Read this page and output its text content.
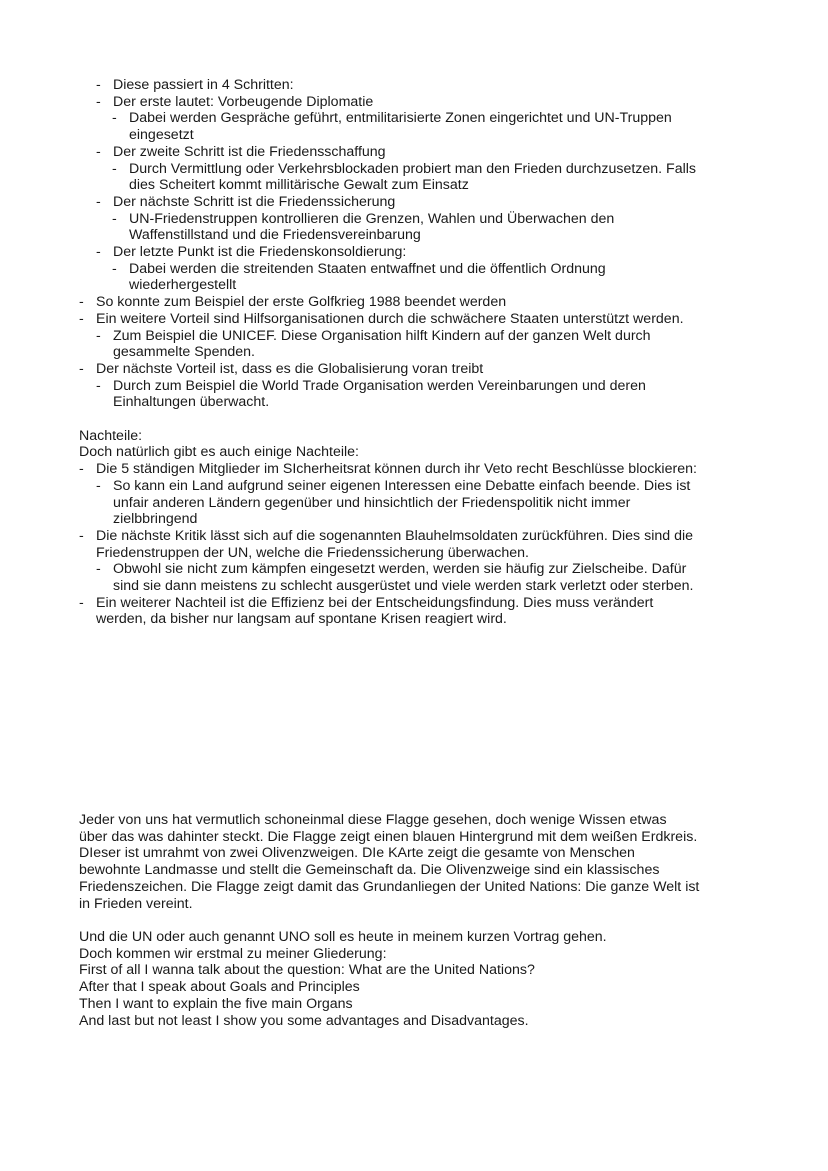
- Diese passiert in 4 Schritten:
- Der erste lautet: Vorbeugende Diplomatie
- Dabei werden Gespräche geführt, entmilitarisierte Zonen eingerichtet und UN-Truppen
eingesetzt
- Der zweite Schritt ist die Friedensschaffung
- Durch Vermittlung oder Verkehrsblockaden probiert man den Frieden durchzusetzen. Falls
dies Scheitert kommt millitärische Gewalt zum Einsatz
- Der nächste Schritt ist die Friedenssicherung
- UN-Friedenstruppen kontrollieren die Grenzen, Wahlen und Überwachen den
Waffenstillstand und die Friedensvereinbarung
- Der letzte Punkt ist die Friedenskonsoldierung:
- Dabei werden die streitenden Staaten entwaffnet und die öffentlich Ordnung
wiederhergestellt
- So konnte zum Beispiel der erste Golfkrieg 1988 beendet werden
- Ein weitere Vorteil sind Hilfsorganisationen durch die schwächere Staaten unterstützt werden.
- Zum Beispiel die UNICEF. Diese Organisation hilft Kindern auf der ganzen Welt durch
gesammelte Spenden.
- Der nächste Vorteil ist, dass es die Globalisierung voran treibt
- Durch zum Beispiel die World Trade Organisation werden Vereinbarungen und deren
Einhaltungen überwacht.
Nachteile:
Doch natürlich gibt es auch einige Nachteile:
- Die 5 ständigen Mitglieder im SIcherheitsrat können durch ihr Veto recht Beschlüsse blockieren:
- So kann ein Land aufgrund seiner eigenen Interessen eine Debatte einfach beende. Dies ist
unfair anderen Ländern gegenüber und hinsichtlich der Friedenspolitik nicht immer
zielbbringend
- Die nächste Kritik lässt sich auf die sogenannten Blauhelmsoldaten zurückführen. Dies sind die
Friedenstruppen der UN, welche die Friedenssicherung überwachen.
- Obwohl sie nicht zum kämpfen eingesetzt werden, werden sie häufig zur Zielscheibe. Dafür
sind sie dann meistens zu schlecht ausgerüstet und viele werden stark verletzt oder sterben.
- Ein weiterer Nachteil ist die Effizienz bei der Entscheidungsfindung. Dies muss verändert
werden, da bisher nur langsam auf spontane Krisen reagiert wird.

Jeder von uns hat vermutlich schoneinmal diese Flagge gesehen, doch wenige Wissen etwas
über das was dahinter steckt. Die Flagge zeigt einen blauen Hintergrund mit dem weißen Erdkreis.
DIeser ist umrahmt von zwei Olivenzweigen. DIe KArte zeigt die gesamte von Menschen
bewohnte Landmasse und stellt die Gemeinschaft da. Die Olivenzweige sind ein klassisches
Friedenszeichen. Die Flagge zeigt damit das Grundanliegen der United Nations: Die ganze Welt ist
in Frieden vereint.

Und die UN oder auch genannt UNO soll es heute in meinem kurzen Vortrag gehen.
Doch kommen wir erstmal zu meiner Gliederung:
First of all I wanna talk about the question: What are the United Nations?
After that I speak about Goals and Principles
Then I want to explain the five main Organs
And last but not least I show you some advantages and Disadvantages.
